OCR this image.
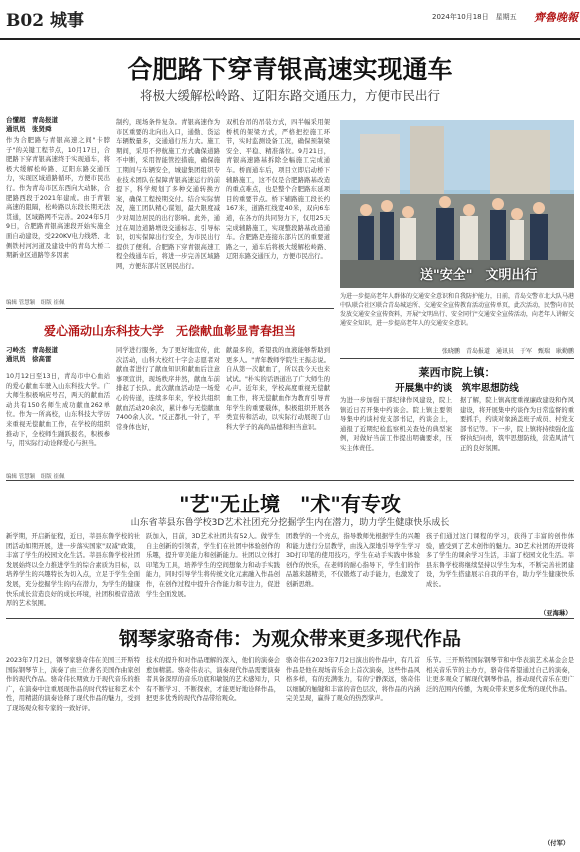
B02 城事	2024年10月18日　星期五 齊魯晚報
合肥路下穿青银高速实现通车
将极大缓解松岭路、辽阳东路交通压力，方便市民出行
台懂超　青岛报道
通讯员　张贤舜
作为合肥路与青银高速之间"卡脖子"的关键工程节点，10月17日，合肥路下穿青银高速终于实现通车，将极大缓解松岭路、辽阳东路交通压力，实现区域道路循环，方便市民出行。作为青岛市区东西向大动脉，合肥路西段于2021年建成。由于青银高速的阻隔，松岭路以东段长期无法贯通，区域路网不完善。2024年5月9日，合肥路青银高速段开始实施全面自动建设，受220KV电力线塔、北侧铁村河河道及建设中的青岛大桥二期新业区道路等多因素
制约，现场条件复杂。青银高速作为市区重要的北向出入口，通勤、货运车辆数量多，交通通行压力大。施工期间，采用不停航施工方式确保道路不中断，采用智能管控措施，确保施工期间与车辆安全，城建集团组织专业技术团队在保障青银高速运行的前提下，科学规划了多种交通转换方案，确保工程按期交付。结合实际情况，施工团队精心谋划，最大限度减少对周边居民的出行影响。此外，通过在周边道路增设交通标志、引导标识，切实保障出行安全，为市民出行提供了便利。合肥路下穿青银高速工程全线通车后，将进一步完善区域路网，方便东部片区居民出行。
双机台吊的吊装方式，四半幅采用架桥机的架梁方式，严格把控施工环节，实时监测设备工况，确保预制梁安全、平稳、精准落位。9月21日，青银高速路基拆除全幅施工完成通车。桥面通车后，项目立即启动桥下辅路施工，这不仅是合肥路路基改造的重点难点，也是整个合肥路东延项目的重要节点。桥下辅路施工段长约167米，道路红线宽40米，双向6车道，在各方的共同努力下，仅用25天完成辅路施工，实现整段路基改造通车。合肥路是连接东部片区的重要道路之一，通车后将极大缓解松岭路、辽阳东路交通压力，方便市民出行。
编辑 管慧颖　组版 崔佩
送"安全"　文明出行
为进一步提高老年人群体的交通安全意识和自我防护能力，日前，青岛交警市北大队马港中队联合社区联合青岛城运所、交通安全宣传教育活动宣传单页，此次活动，民警向市民发放交通安全宣传资料，开展"文明出行、安全同行"交通安全宣传活动，向老年人讲解交通安全知识，进一步提高老年人的交通安全意识。
张晓鹏　青岛报道　通讯员　于军　甄瑞　耿勤鹏
爱心涌动山东科技大学　无偿献血彰显青春担当
刁岭杰　青岛报道
通讯员　徐高雷
10月12日至13日，青岛市中心血站的爱心献血车驶入山东科技大学。广大师生积极响应号召，两天的献血活动共有150名师生成功献血262单位。作为一所高校，山东科技大学历来重视无偿献血工作，在学校的组织推动下，全校师生踊跃报名，积极参与，用实际行动诠释爱心与担当。
同学进行服务，为了更好地宣传，此次活动，山科大校红十字会志愿者对献血者进行了献血知识和献血后注意事项宣讲，现场秩序井然，献血车前排起了长队。此次献血活动是一场爱心的传递，连续多年来，学校共组织献血活动20余次，累计参与无偿献血7400余人次。"反正都扎一针了，平常身体也好，
献最多的，希望我的血液能够帮助到更多人。"青年教师学院生王振志说。自从第一次献血了，所以我今天也来试试。"朴实的话语道出了广大师生的心声。近年来，学校高度重视无偿献血工作，将无偿献血作为教育引导青年学生的重要载体，积极组织开展各类宣传和活动，以实际行动展现了山科大学子的高尚品德和担当意识。
编辑 管慧颖　组版 崔佩
莱西市院上镇：
开展集中约谈　筑牢思想防线
为进一步加强干部纪律作风建设，院上镇近日召开集中约谈会。院上镇主要领导集中约谈村党支部书记，约谈会上，通报了近期纪检监察机关查处的典型案例，对做好当前工作提出明确要求，压实主体责任。
据了解，院上镇高度重视廉政建设和作风建设，将开展集中约谈作为日常监督的重要抓手，约谈对象涵盖班子成员、村党支部书记等。下一步，院上镇将持续强化监督执纪问责，筑牢思想防线，营造风清气正的良好氛围。
"艺"无止境　"术"有专攻
山东省莘县东鲁学校3D艺术社团充分挖掘学生内在潜力，助力学生健康快乐成长
新学期，开启新征程，近日，莘县东鲁学校的社团活动如期开展，进一步落实国家"双减"政策，丰富了学生的校园文化生活。莘县东鲁学校社团发展始终以全力推进学生的综合素质为目标，以培养学生的兴趣特长为切入点，立足于学生全面发展，充分挖掘学生的内在潜力，为学生的健康快乐成长营造良好的成长环境，社团积极营造浓厚的艺术氛围。
跃加入，目前，3D艺术社团共有52人。做学生自主创新的引领者，学生们在社团中体验创作的乐趣，提升审美能力和创新能力。社团以立体打印笔为工具，培养学生的空间想象力和动手实践能力，同时引导学生将传统文化元素融入作品创作，在创作过程中提升合作能力和专注力，促进学生全面发展。
团教学的一个亮点，指导教师先根据学生的兴趣和能力进行分层教学，由浅入深地引导学生学习3D打印笔的使用技巧，学生在动手实践中体验创作的快乐，在老师的耐心指导下，学生们的作品越来越精美，不仅锻炼了动手能力，也激发了创新思维。
孩子们通过这门课程的学习，获得了丰富的创作体验，感受到了艺术创作的魅力。3D艺术社团的开设将多了学生的课余学习生活，丰富了校园文化生活。莘县东鲁学校将继续坚持以学生为本，不断完善社团建设，为学生搭建展示自我的平台，助力学生健康快乐成长。
（亚海琳）
钢琴家骆奇伟：为观众带来更多现代作品
2023年7月2日，钢琴家骆奇伟在美国三开斯特国际钢琴节上，演奏了由三位著名美国作曲家创作的现代作品。骆奇伟长期致力于现代音乐的推广，在演奏中注重展现作品的时代特征和艺术个性，用精湛的演奏诠释了现代作品的魅力，受到了现场观众和专家的一致好评。
技术的提升和对作品理解的深入，他们的演奏会愈加精湛。骆奇伟表示，演奏现代作品需要演奏者具备深厚的音乐功底和敏锐的艺术感知力，只有不断学习、不断探索，才能更好地诠释作品，把更多优秀的现代作品带给观众。
骆奇伟在2023年7月2日演出的作品中，有几首作品是他在现场音乐会上首次演奏，这些作品风格多样，有的充满张力，有的宁静深远，骆奇伟以细腻的触键和丰富的音色层次，将作品的内涵完美呈现，赢得了观众的热烈掌声。
乐节。三开斯特国际钢琴节和中华表演艺术基金会是相关音乐节的主办方，骆奇伟希望通过自己的演奏，让更多观众了解现代钢琴作品，推动现代音乐在更广泛的范围内传播，为观众带来更多优秀的现代作品。
（付军）
